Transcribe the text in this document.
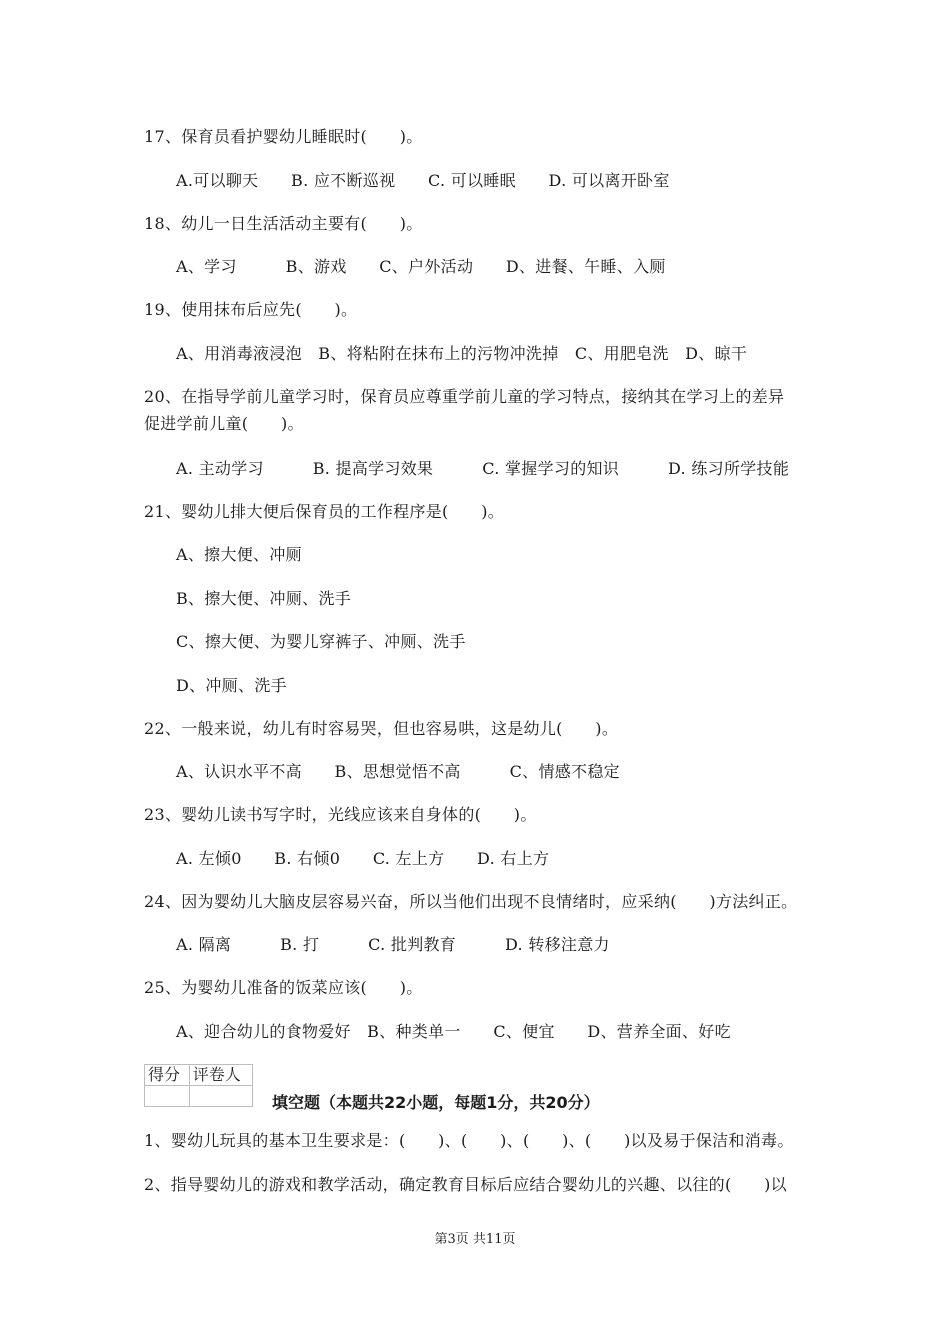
17、保育员看护婴幼儿睡眠时(　　)。
A.可以聊天　　B. 应不断巡视　　C. 可以睡眠　　D. 可以离开卧室
18、幼儿一日生活活动主要有(　　)。
A、学习　　　B、游戏　　C、户外活动　　D、进餐、午睡、入厕
19、使用抹布后应先(　　)。
A、用消毒液浸泡　B、将粘附在抹布上的污物冲洗掉　C、用肥皂洗　D、晾干
20、在指导学前儿童学习时，保育员应尊重学前儿童的学习特点，接纳其在学习上的差异
促进学前儿童(　　)。
A. 主动学习　　　B. 提高学习效果　　　C. 掌握学习的知识　　　D. 练习所学技能
21、婴幼儿排大便后保育员的工作程序是(　　)。
A、擦大便、冲厕
B、擦大便、冲厕、洗手
C、擦大便、为婴儿穿裤子、冲厕、洗手
D、冲厕、洗手
22、一般来说，幼儿有时容易哭，但也容易哄，这是幼儿(　　)。
A、认识水平不高　　B、思想觉悟不高　　　C、情感不稳定
23、婴幼儿读书写字时，光线应该来自身体的(　　)。
A. 左倾0　　B. 右倾0　　C. 左上方　　D. 右上方
24、因为婴幼儿大脑皮层容易兴奋，所以当他们出现不良情绪时，应采纳(　　)方法纠正。
A. 隔离　　　B. 打　　　C. 批判教育　　　D. 转移注意力
25、为婴幼儿准备的饭菜应该(　　)。
A、迎合幼儿的食物爱好　B、种类单一　　C、便宜　　D、营养全面、好吃
得分	评卷人

填空题（本题共22小题，每题1分，共20分）
1、婴幼儿玩具的基本卫生要求是：(　　)、(　　)、(　　)、(　　)以及易于保洁和消毒。
2、指导婴幼儿的游戏和教学活动，确定教育目标后应结合婴幼儿的兴趣、以往的(　　)以
第3页 共11页
